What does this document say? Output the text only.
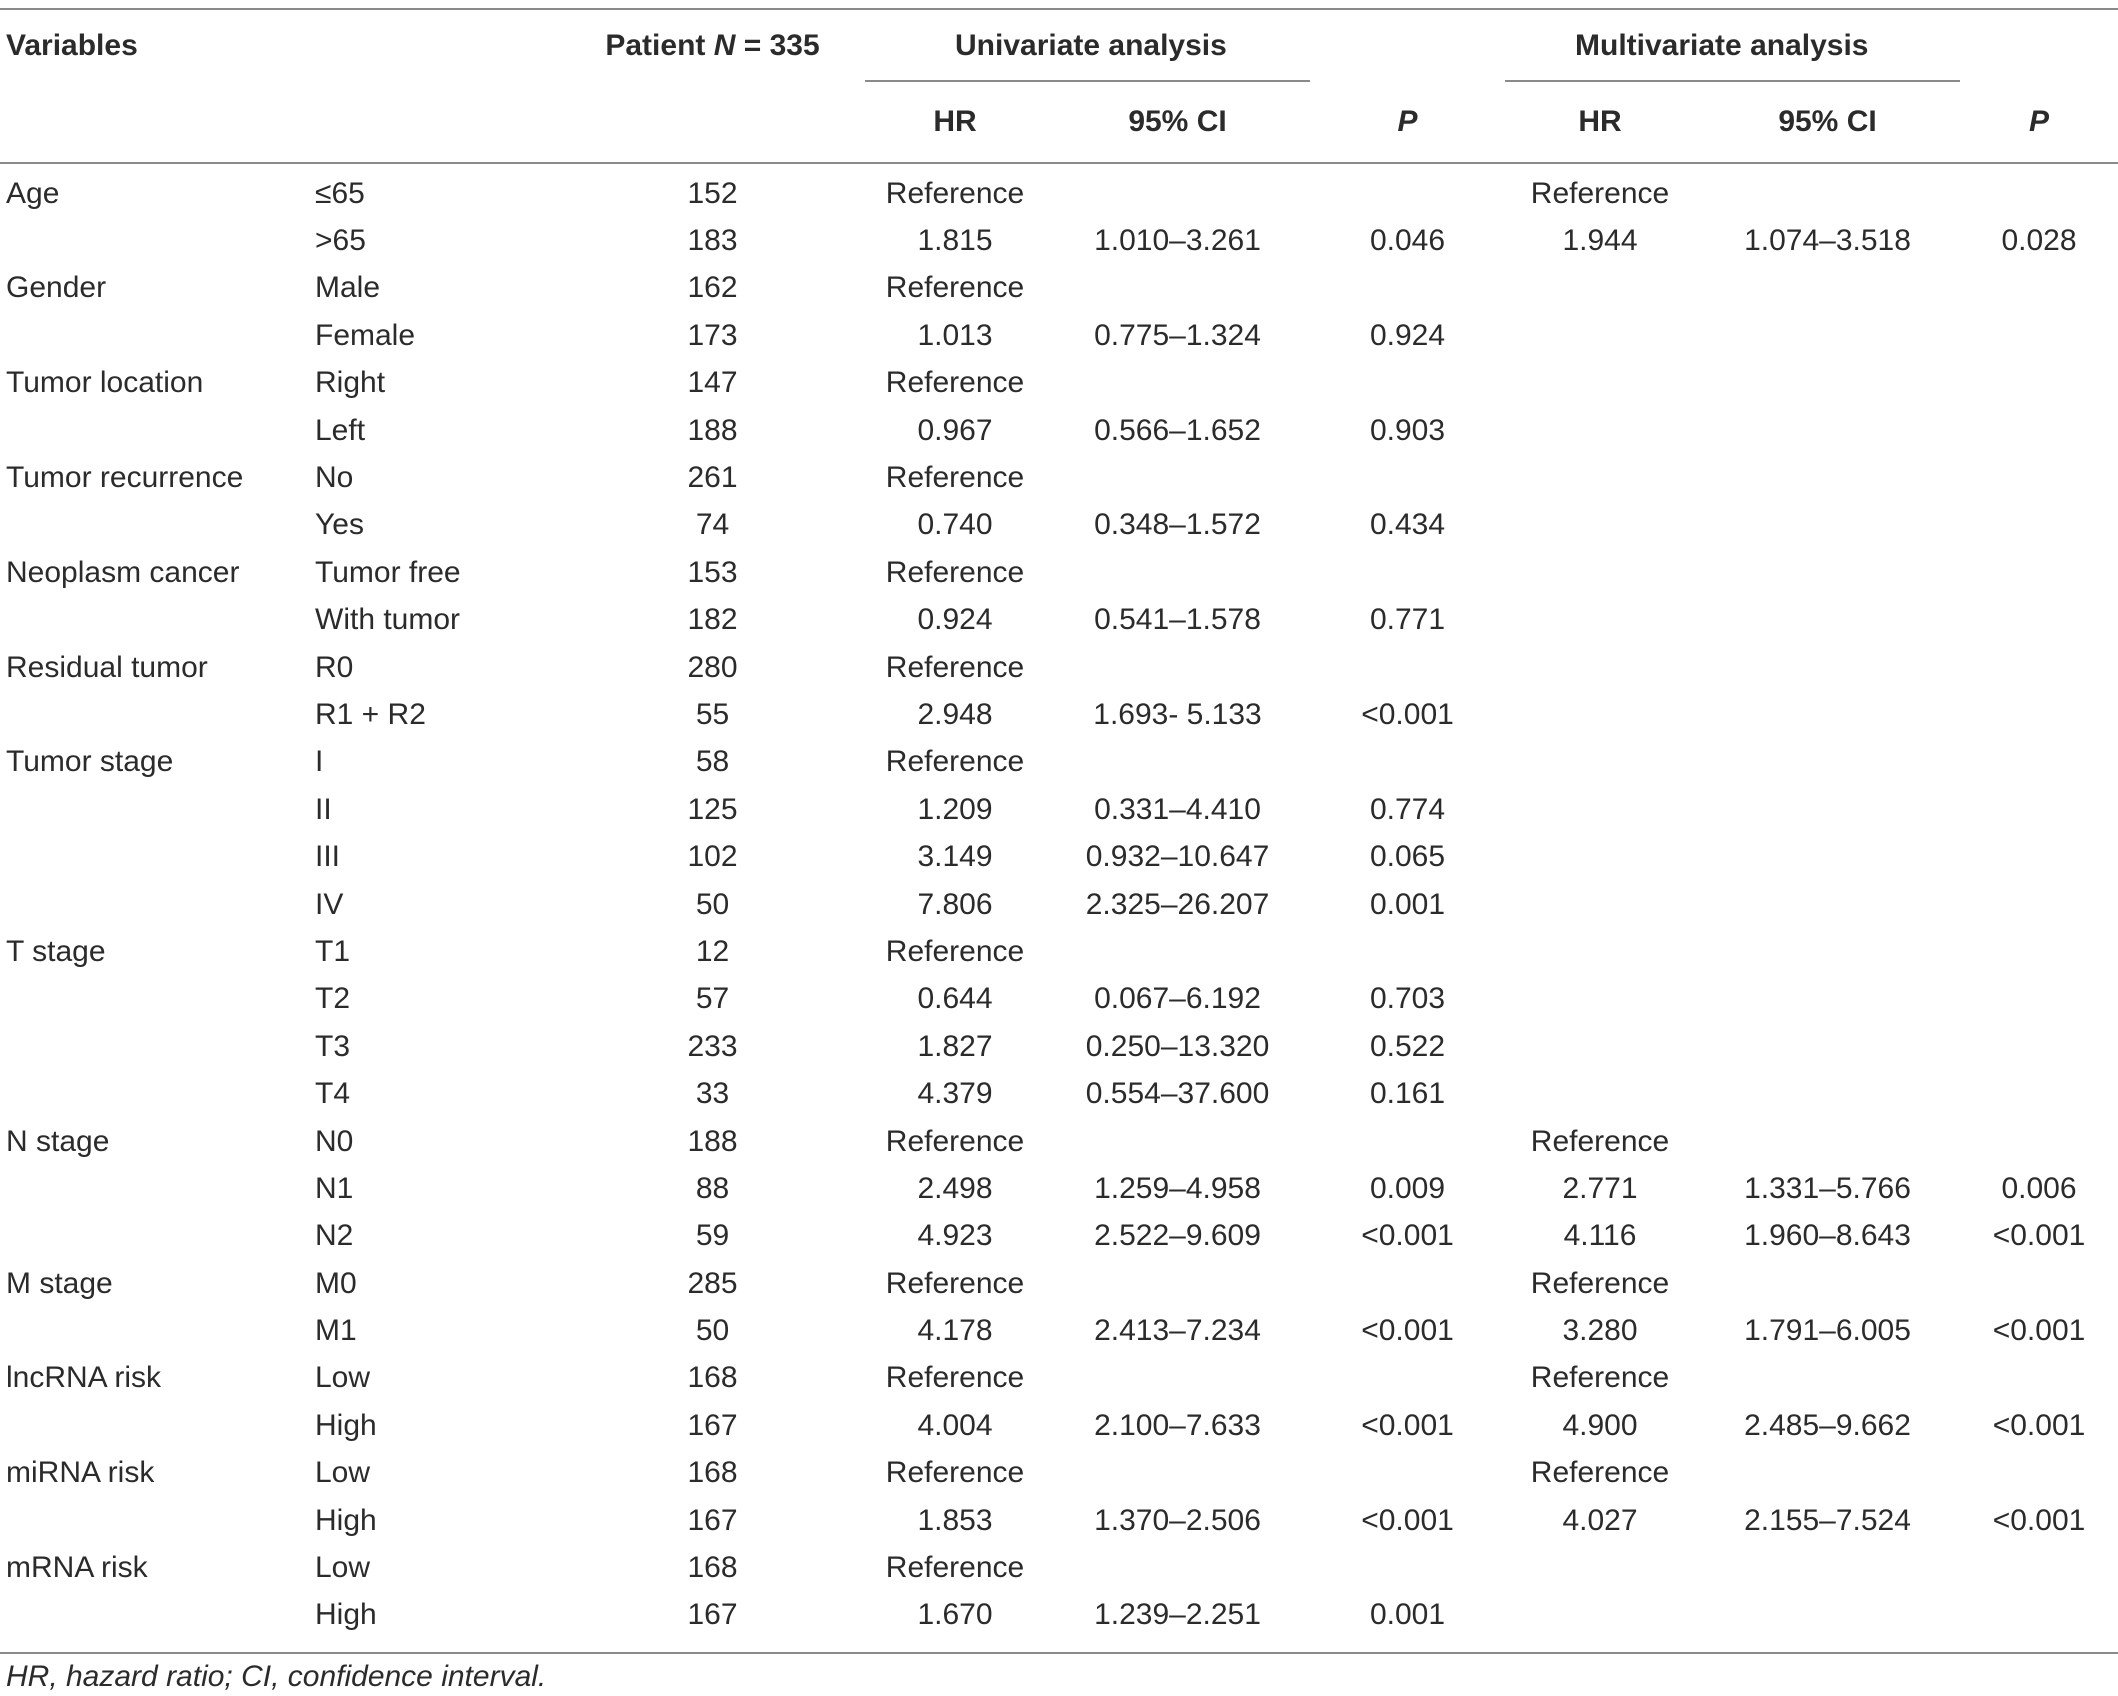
Variables		Patient N = 335	Univariate analysis			Multivariate analysis		
			HR	95% CI	P	HR	95% CI	P
Age	≤65	152	Reference			Reference		
	>65	183	1.815	1.010–3.261	0.046	1.944	1.074–3.518	0.028
Gender	Male	162	Reference					
	Female	173	1.013	0.775–1.324	0.924			
Tumor location	Right	147	Reference					
	Left	188	0.967	0.566–1.652	0.903			
Tumor recurrence	No	261	Reference					
	Yes	74	0.740	0.348–1.572	0.434			
Neoplasm cancer	Tumor free	153	Reference					
	With tumor	182	0.924	0.541–1.578	0.771			
Residual tumor	R0	280	Reference					
	R1 + R2	55	2.948	1.693- 5.133	<0.001			
Tumor stage	I	58	Reference					
	II	125	1.209	0.331–4.410	0.774			
	III	102	3.149	0.932–10.647	0.065			
	IV	50	7.806	2.325–26.207	0.001			
T stage	T1	12	Reference					
	T2	57	0.644	0.067–6.192	0.703			
	T3	233	1.827	0.250–13.320	0.522			
	T4	33	4.379	0.554–37.600	0.161			
N stage	N0	188	Reference			Reference		
	N1	88	2.498	1.259–4.958	0.009	2.771	1.331–5.766	0.006
	N2	59	4.923	2.522–9.609	<0.001	4.116	1.960–8.643	<0.001
M stage	M0	285	Reference			Reference		
	M1	50	4.178	2.413–7.234	<0.001	3.280	1.791–6.005	<0.001
lncRNA risk	Low	168	Reference			Reference		
	High	167	4.004	2.100–7.633	<0.001	4.900	2.485–9.662	<0.001
miRNA risk	Low	168	Reference			Reference		
	High	167	1.853	1.370–2.506	<0.001	4.027	2.155–7.524	<0.001
mRNA risk	Low	168	Reference					
	High	167	1.670	1.239–2.251	0.001			
HR, hazard ratio; CI, confidence interval.
